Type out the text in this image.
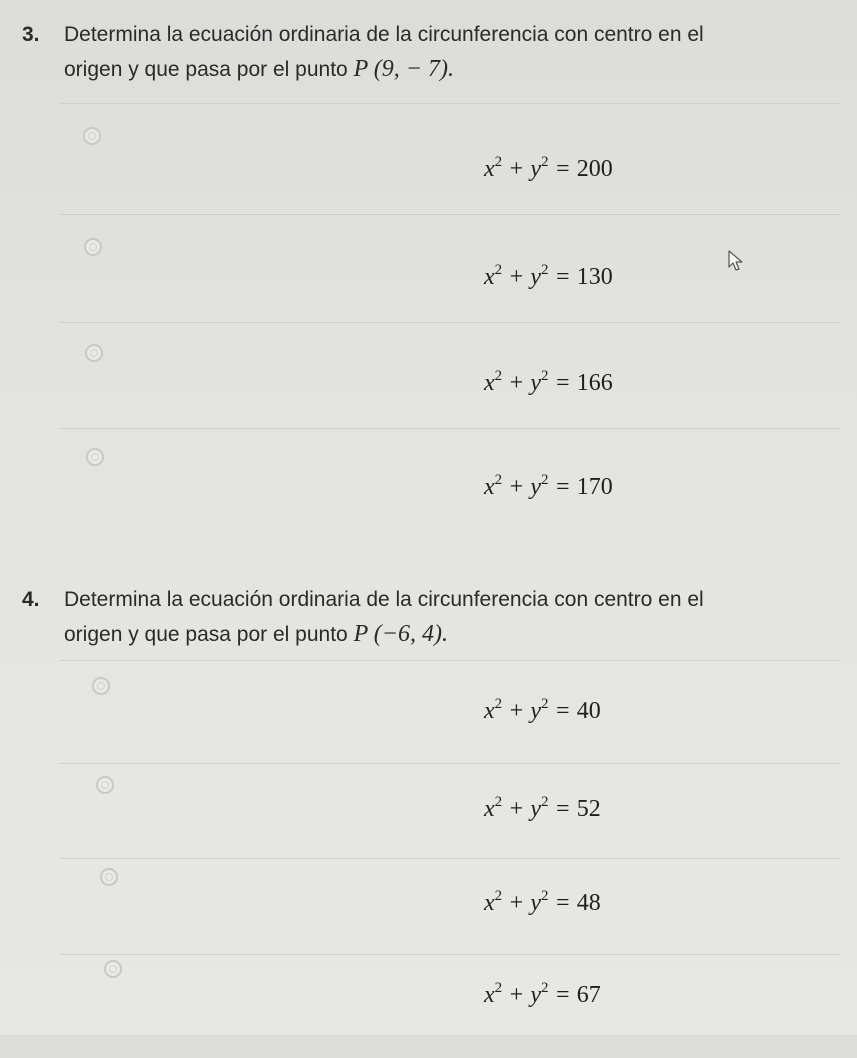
3. Determina la ecuación ordinaria de la circunferencia con centro en el
origen y que pasa por el punto P (9, − 7).
$x^2 + y^2 = 200$
$x^2 + y^2 = 130$
$x^2 + y^2 = 166$
$x^2 + y^2 = 170$
4. Determina la ecuación ordinaria de la circunferencia con centro en el
origen y que pasa por el punto P (−6, 4).
$x^2 + y^2 = 40$
$x^2 + y^2 = 52$
$x^2 + y^2 = 48$
$x^2 + y^2 = 67$
